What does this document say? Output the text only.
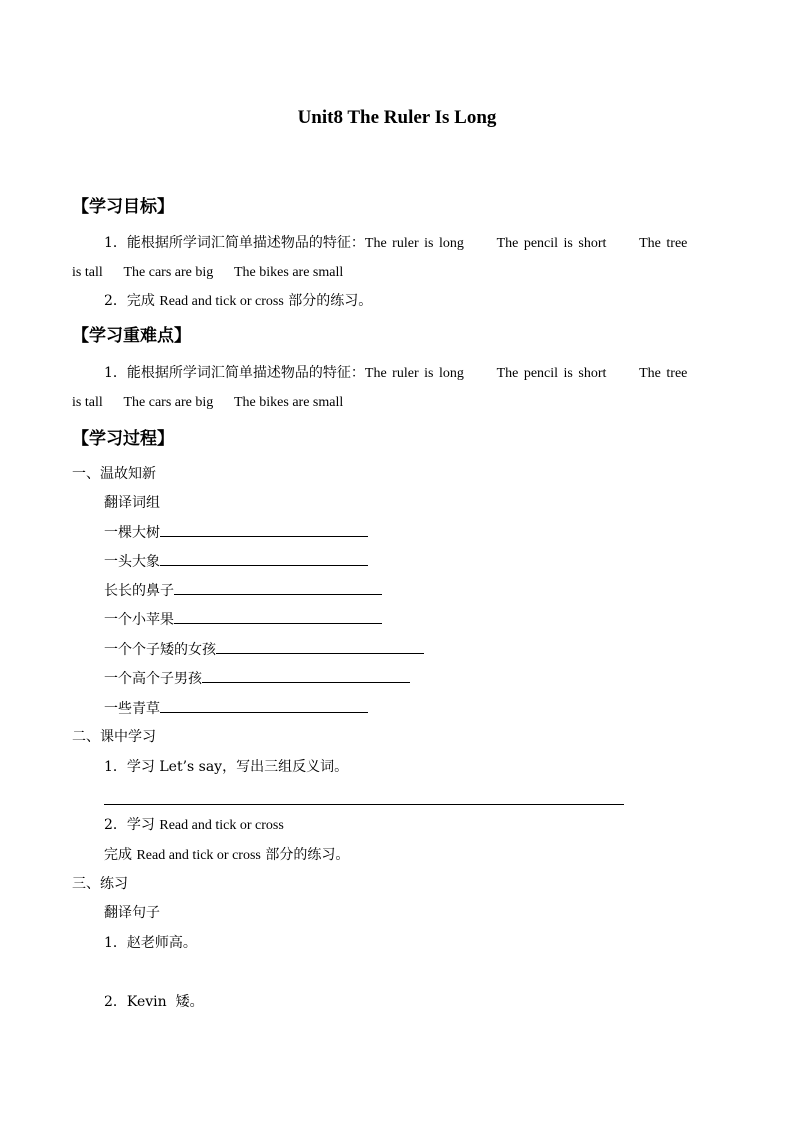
Unit8 The Ruler Is Long
【学习目标】
1．能根据所学词汇简单描述物品的特征：The ruler is long      The pencil is short      The tree
is tall      The cars are big      The bikes are small
2．完成 Read and tick or cross 部分的练习。
【学习重难点】
1．能根据所学词汇简单描述物品的特征：The ruler is long      The pencil is short      The tree
is tall      The cars are big      The bikes are small
【学习过程】
一、温故知新
翻译词组
一棵大树
一头大象
长长的鼻子
一个小苹果
一个个子矮的女孩
一个高个子男孩
一些青草
二、课中学习
1．学习 Let’s say，写出三组反义词。
2．学习 Read and tick or cross
完成 Read and tick or cross 部分的练习。
三、练习
翻译句子
1．赵老师高。
2．Kevin  矮。
